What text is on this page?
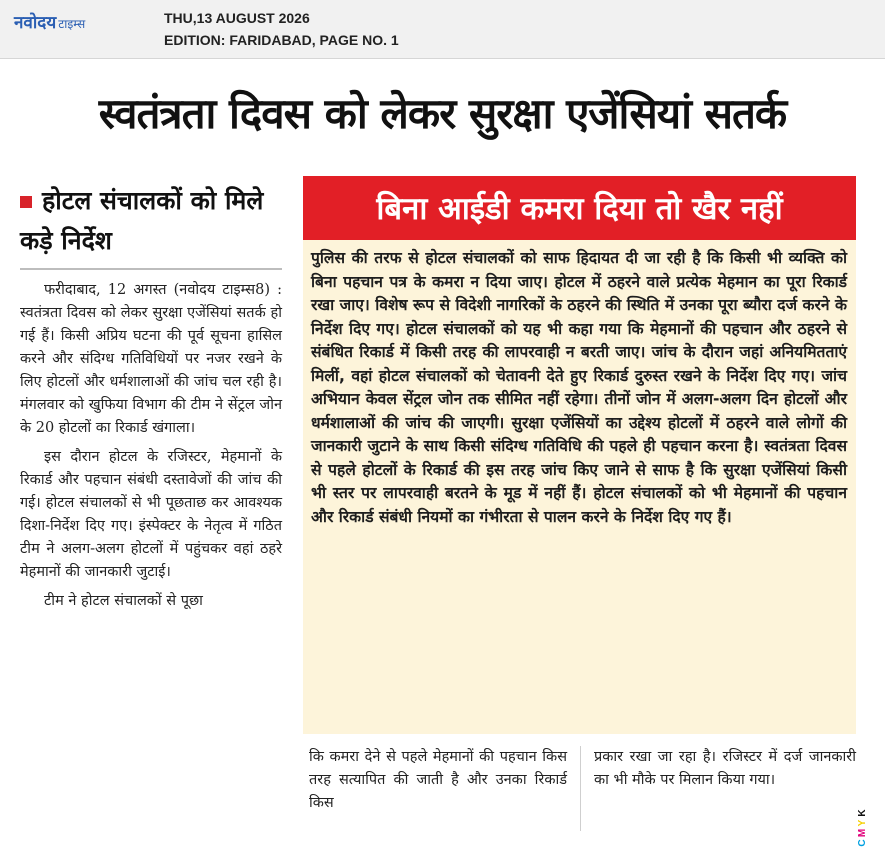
नवोदय टाइम्स	THU,13 AUGUST 2026
EDITION: FARIDABAD, PAGE NO. 1
स्वतंत्रता दिवस को लेकर सुरक्षा एजेंसियां सतर्क
होटल संचालकों को मिले कड़े निर्देश

फरीदाबाद, 12 अगस्त (नवोदय टाइम्स8) : स्वतंत्रता दिवस को लेकर सुरक्षा एजेंसियां सतर्क हो गई हैं। किसी अप्रिय घटना की पूर्व सूचना हासिल करने और संदिग्ध गतिविधियों पर नजर रखने के लिए होटलों और धर्मशालाओं की जांच चल रही है। मंगलवार को खुफिया विभाग की टीम ने सेंट्रल जोन के 20 होटलों का रिकार्ड खंगाला।

इस दौरान होटल के रजिस्टर, मेहमानों के रिकार्ड और पहचान संबंधी दस्तावेजों की जांच की गई। होटल संचालकों से भी पूछताछ कर आवश्यक दिशा-निर्देश दिए गए। इंस्पेक्टर के नेतृत्व में गठित टीम ने अलग-अलग होटलों में पहुंचकर वहां ठहरे मेहमानों की जानकारी जुटाई।

टीम ने होटल संचालकों से पूछा

बिना आईडी कमरा दिया तो खैर नहीं
पुलिस की तरफ से होटल संचालकों को साफ हिदायत दी जा रही है कि किसी भी व्यक्ति को बिना पहचान पत्र के कमरा न दिया जाए। होटल में ठहरने वाले प्रत्येक मेहमान का पूरा रिकार्ड रखा जाए। विशेष रूप से विदेशी नागरिकों के ठहरने की स्थिति में उनका पूरा ब्यौरा दर्ज करने के निर्देश दिए गए। होटल संचालकों को यह भी कहा गया कि मेहमानों की पहचान और ठहरने से संबंधित रिकार्ड में किसी तरह की लापरवाही न बरती जाए। जांच के दौरान जहां अनियमितताएं मिलीं, वहां होटल संचालकों को चेतावनी देते हुए रिकार्ड दुरुस्त रखने के निर्देश दिए गए। जांच अभियान केवल सेंट्रल जोन तक सीमित नहीं रहेगा। तीनों जोन में अलग-अलग दिन होटलों और धर्मशालाओं की जांच की जाएगी। सुरक्षा एजेंसियों का उद्देश्य होटलों में ठहरने वाले लोगों की जानकारी जुटाने के साथ किसी संदिग्ध गतिविधि की पहले ही पहचान करना है। स्वतंत्रता दिवस से पहले होटलों के रिकार्ड की इस तरह जांच किए जाने से साफ है कि सुरक्षा एजेंसियां किसी भी स्तर पर लापरवाही बरतने के मूड में नहीं हैं। होटल संचालकों को भी मेहमानों की पहचान और रिकार्ड संबंधी नियमों का गंभीरता से पालन करने के निर्देश दिए गए हैं।
कि कमरा देने से पहले मेहमानों की पहचान किस तरह सत्यापित की जाती है और उनका रिकार्ड किस
प्रकार रखा जा रहा है। रजिस्टर में दर्ज जानकारी का भी मौके पर मिलान किया गया।
K
Y
M
C
